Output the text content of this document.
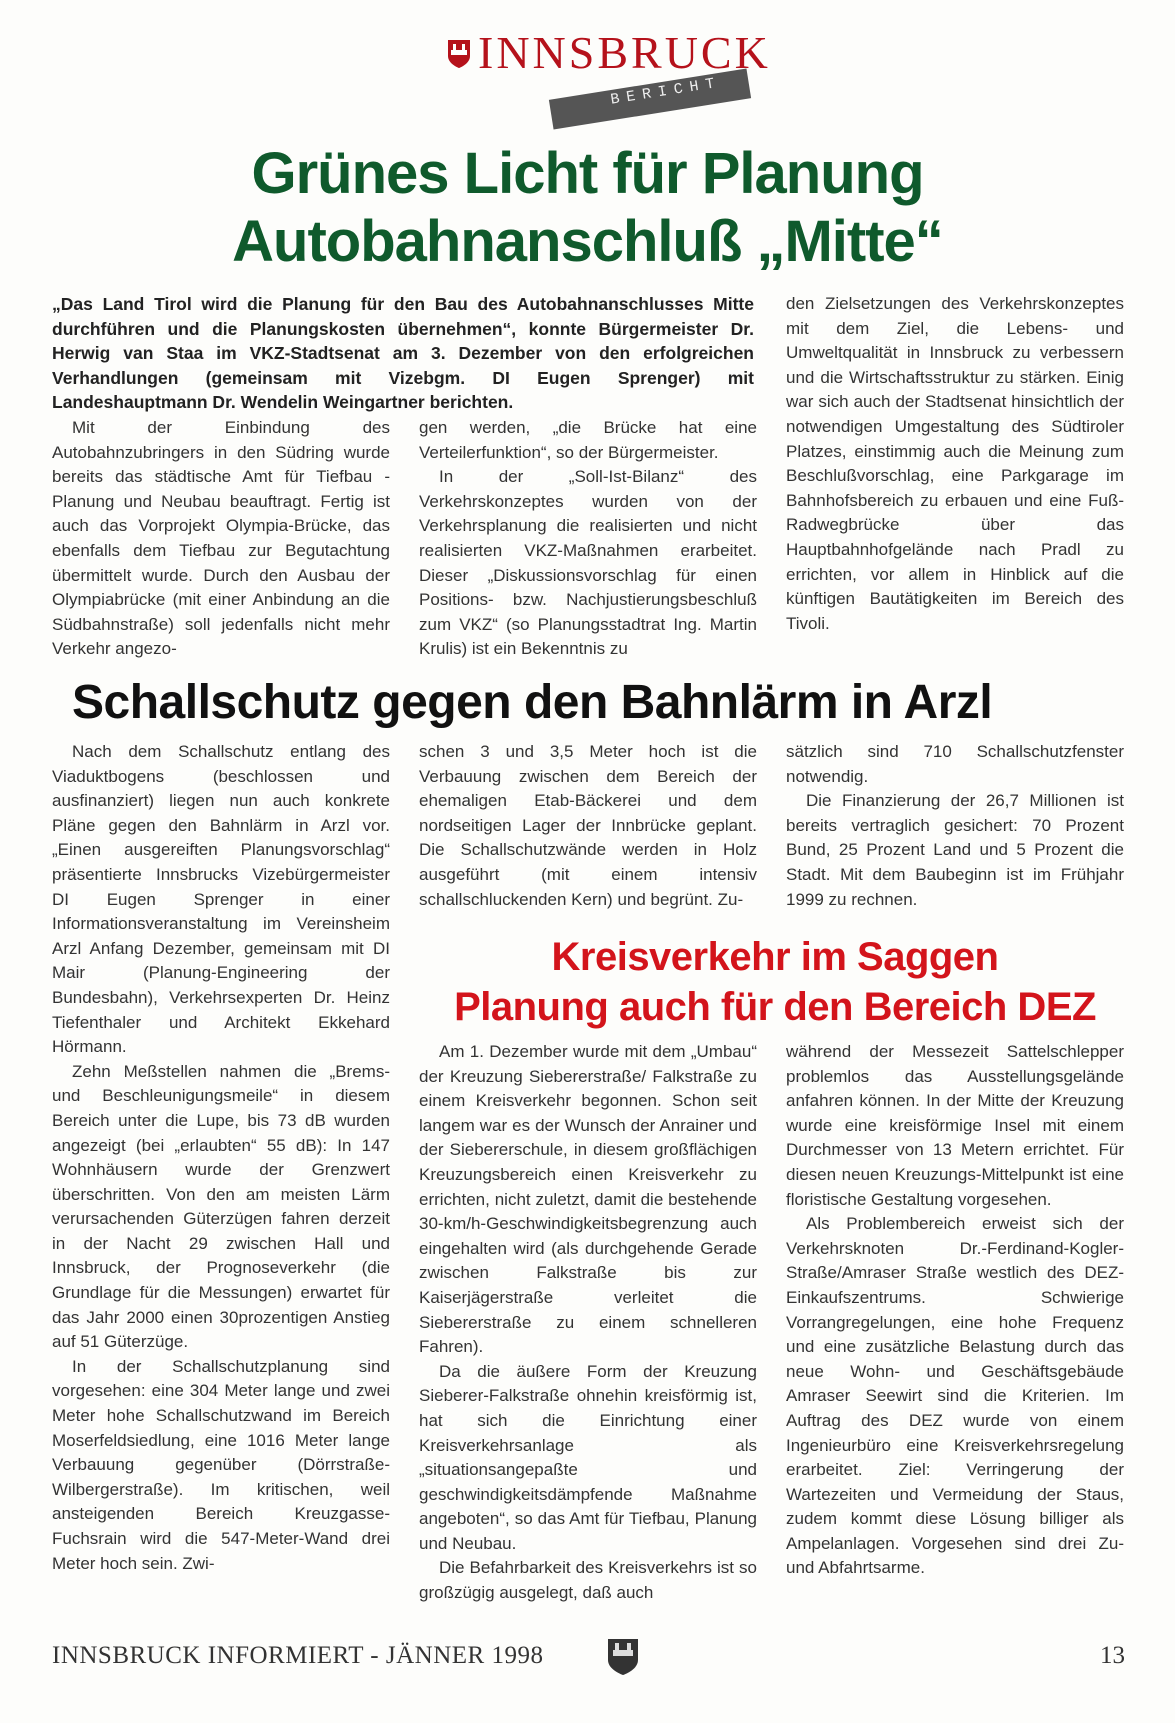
INNSBRUCK
BERICHT
Grünes Licht für Planung
Autobahnanschluß „Mitte“
„Das Land Tirol wird die Planung für den Bau des Autobahnanschlusses Mitte durchführen und die Planungskosten übernehmen“, konnte Bürgermeister Dr. Herwig van Staa im VKZ-Stadtsenat am 3. Dezember von den erfolgreichen Verhandlungen (gemeinsam mit Vizebgm. DI Eugen Sprenger) mit Landeshauptmann Dr. Wendelin Weingartner berichten.

Mit der Einbindung des Autobahnzubringers in den Südring wurde bereits das städtische Amt für Tiefbau - Planung und Neubau beauftragt. Fertig ist auch das Vorprojekt Olympia-Brücke, das ebenfalls dem Tiefbau zur Begutachtung übermittelt wurde. Durch den Ausbau der Olympiabrücke (mit einer Anbindung an die Südbahnstraße) soll jedenfalls nicht mehr Verkehr angezo-

gen werden, „die Brücke hat eine Verteilerfunktion“, so der Bürgermeister.

In der „Soll-Ist-Bilanz“ des Verkehrskonzeptes wurden von der Verkehrsplanung die realisierten und nicht realisierten VKZ-Maßnahmen erarbeitet. Dieser „Diskussionsvorschlag für einen Positions- bzw. Nachjustierungsbeschluß zum VKZ“ (so Planungsstadtrat Ing. Martin Krulis) ist ein Bekenntnis zu

den Zielsetzungen des Verkehrskonzeptes mit dem Ziel, die Lebens- und Umweltqualität in Innsbruck zu verbessern und die Wirtschaftsstruktur zu stärken. Einig war sich auch der Stadtsenat hinsichtlich der notwendigen Umgestaltung des Südtiroler Platzes, einstimmig auch die Meinung zum Beschlußvorschlag, eine Parkgarage im Bahnhofsbereich zu erbauen und eine Fuß-Radwegbrücke über das Hauptbahnhofgelände nach Pradl zu errichten, vor allem in Hinblick auf die künftigen Bautätigkeiten im Bereich des Tivoli.

Schallschutz gegen den Bahnlärm in Arzl

Nach dem Schallschutz entlang des Viaduktbogens (beschlossen und ausfinanziert) liegen nun auch konkrete Pläne gegen den Bahnlärm in Arzl vor. „Einen ausgereiften Planungsvorschlag“ präsentierte Innsbrucks Vizebürgermeister DI Eugen Sprenger in einer Informationsveranstaltung im Vereinsheim Arzl Anfang Dezember, gemeinsam mit DI Mair (Planung-Engineering der Bundesbahn), Verkehrsexperten Dr. Heinz Tiefenthaler und Architekt Ekkehard Hörmann.

Zehn Meßstellen nahmen die „Brems- und Beschleunigungsmeile“ in diesem Bereich unter die Lupe, bis 73 dB wurden angezeigt (bei „erlaubten“ 55 dB): In 147 Wohnhäusern wurde der Grenzwert überschritten. Von den am meisten Lärm verursachenden Güterzügen fahren derzeit in der Nacht 29 zwischen Hall und Innsbruck, der Prognoseverkehr (die Grundlage für die Messungen) erwartet für das Jahr 2000 einen 30prozentigen Anstieg auf 51 Güterzüge.

In der Schallschutzplanung sind vorgesehen: eine 304 Meter lange und zwei Meter hohe Schallschutzwand im Bereich Moserfeldsiedlung, eine 1016 Meter lange Verbauung gegenüber (Dörrstraße-Wilbergerstraße). Im kritischen, weil ansteigenden Bereich Kreuzgasse-Fuchsrain wird die 547-Meter-Wand drei Meter hoch sein. Zwi-

schen 3 und 3,5 Meter hoch ist die Verbauung zwischen dem Bereich der ehemaligen Etab-Bäckerei und dem nordseitigen Lager der Innbrücke geplant. Die Schallschutzwände werden in Holz ausgeführt (mit einem intensiv schallschluckenden Kern) und begrünt. Zu-

sätzlich sind 710 Schallschutzfenster notwendig.

Die Finanzierung der 26,7 Millionen ist bereits vertraglich gesichert: 70 Prozent Bund, 25 Prozent Land und 5 Prozent die Stadt. Mit dem Baubeginn ist im Frühjahr 1999 zu rechnen.

Kreisverkehr im Saggen
Planung auch für den Bereich DEZ

Am 1. Dezember wurde mit dem „Umbau“ der Kreuzung Siebererstraße/ Falkstraße zu einem Kreisverkehr begonnen. Schon seit langem war es der Wunsch der Anrainer und der Siebererschule, in diesem großflächigen Kreuzungsbereich einen Kreisverkehr zu errichten, nicht zuletzt, damit die bestehende 30-km/h-Geschwindigkeitsbegrenzung auch eingehalten wird (als durchgehende Gerade zwischen Falkstraße bis zur Kaiserjägerstraße verleitet die Siebererstraße zu einem schnelleren Fahren).

Da die äußere Form der Kreuzung Sieberer-Falkstraße ohnehin kreisförmig ist, hat sich die Einrichtung einer Kreisverkehrsanlage als „situationsangepaßte und geschwindigkeitsdämpfende Maßnahme angeboten“, so das Amt für Tiefbau, Planung und Neubau.

Die Befahrbarkeit des Kreisverkehrs ist so großzügig ausgelegt, daß auch

während der Messezeit Sattelschlepper problemlos das Ausstellungsgelände anfahren können. In der Mitte der Kreuzung wurde eine kreisförmige Insel mit einem Durchmesser von 13 Metern errichtet. Für diesen neuen Kreuzungs-Mittelpunkt ist eine floristische Gestaltung vorgesehen.

Als Problembereich erweist sich der Verkehrsknoten Dr.-Ferdinand-Kogler-Straße/Amraser Straße westlich des DEZ-Einkaufszentrums. Schwierige Vorrangregelungen, eine hohe Frequenz und eine zusätzliche Belastung durch das neue Wohn- und Geschäftsgebäude Amraser Seewirt sind die Kriterien. Im Auftrag des DEZ wurde von einem Ingenieurbüro eine Kreisverkehrsregelung erarbeitet. Ziel: Verringerung der Wartezeiten und Vermeidung der Staus, zudem kommt diese Lösung billiger als Ampelanlagen. Vorgesehen sind drei Zu- und Abfahrtsarme.

INNSBRUCK INFORMIERT - JÄNNER 1998	13
